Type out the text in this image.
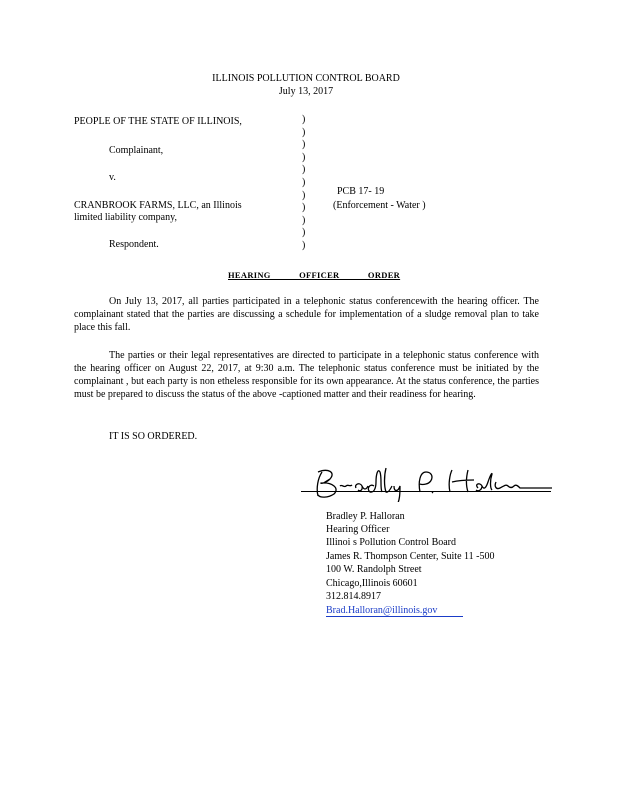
ILLINOIS POLLUTION CONTROL BOARD
July 13, 2017
PEOPLE OF THE STATE OF ILLINOIS,
Complainant,
v.
CRANBROOK FARMS, LLC, an Illinois
limited liability company,
Respondent.
)
)
)
)
)
)
)
)
)
)
)
PCB 17- 19
(Enforcement - Water )
HEARING OFFICER ORDER
On July 13, 2017, all parties participated in a telephonic status conferencewith the hearing officer. The complainant stated that the parties are discussing a schedule for implementation of a sludge removal plan to take place this fall.
The parties or their legal representatives are directed to participate in a telephonic status conference with the hearing officer on August 22, 2017, at 9:30 a.m. The telephonic status conference must be initiated by the complainant , but each party is non etheless responsible for its own appearance. At the status conference, the parties must be prepared to discuss the status of the above -captioned matter and their readiness for hearing.
IT IS SO ORDERED.
Bradley P. Halloran
Hearing Officer
Illinoi s Pollution Control Board
James R. Thompson Center, Suite 11 -500
100 W. Randolph Street
Chicago,Illinois 60601
312.814.8917
Brad.Halloran@illinois.gov
